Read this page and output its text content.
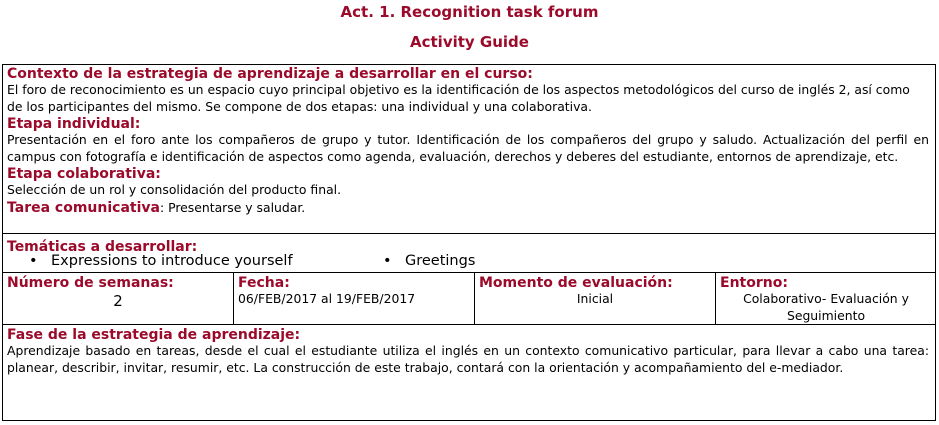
Act. 1. Recognition task forum
Activity Guide
Contexto de la estrategia de aprendizaje a desarrollar en el curso:
El foro de reconocimiento es un espacio cuyo principal objetivo es la identificación de los aspectos metodológicos del curso de inglés 2, así como de los participantes del mismo. Se compone de dos etapas: una individual y una colaborativa.
Etapa individual:
Presentación en el foro ante los compañeros de grupo y tutor. Identificación de los compañeros del grupo y saludo. Actualización del perfil en campus con fotografía e identificación de aspectos como agenda, evaluación, derechos y deberes del estudiante, entornos de aprendizaje, etc.
Etapa colaborativa:
Selección de un rol y consolidación del producto final.
Tarea comunicativa: Presentarse y saludar.
Temáticas a desarrollar:
• Expressions to introduce yourself	• Greetings
Número de semanas:
2
Fecha:
06/FEB/2017 al 19/FEB/2017
Momento de evaluación:
Inicial
Entorno:
Colaborativo- Evaluación y
Seguimiento
Fase de la estrategia de aprendizaje:
Aprendizaje basado en tareas, desde el cual el estudiante utiliza el inglés en un contexto comunicativo particular, para llevar a cabo una tarea: planear, describir, invitar, resumir, etc. La construcción de este trabajo, contará con la orientación y acompañamiento del e-mediador.
